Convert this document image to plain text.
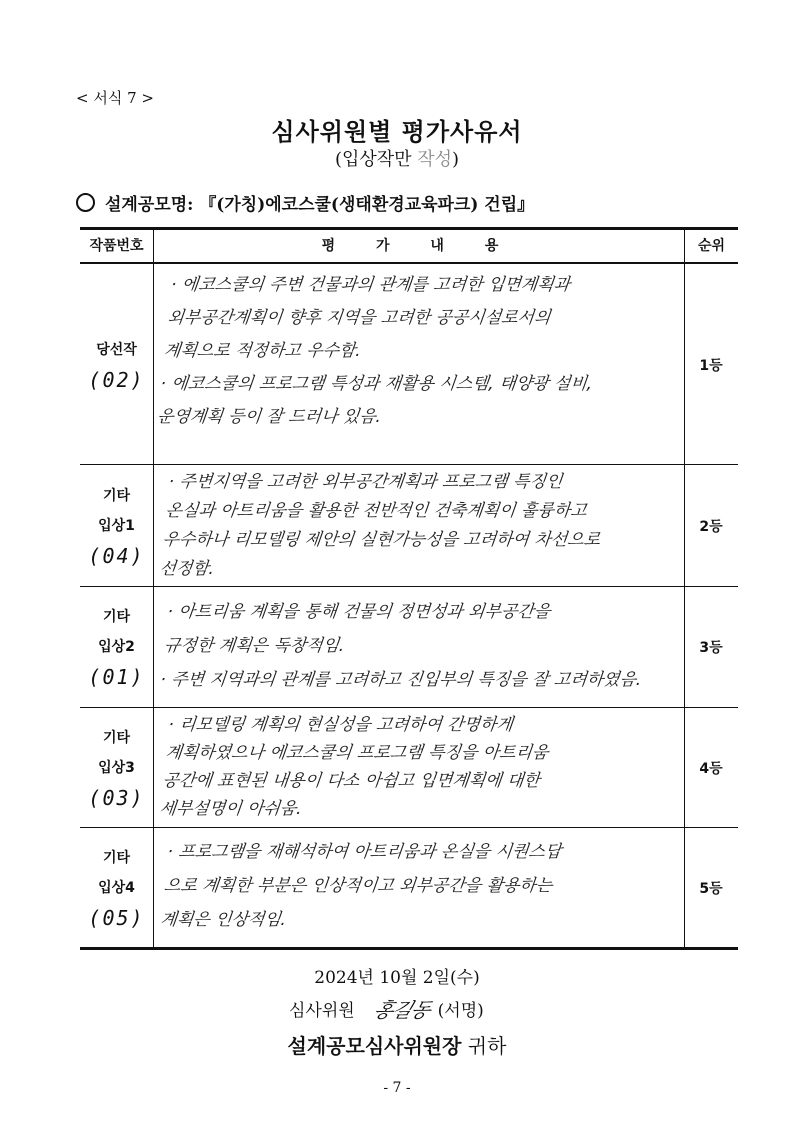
< 서식 7 >
심사위원별 평가사유서
(입상작만 작성)
설계공모명:
『(가칭)에코스쿨(생태환경교육파크) 건립』
작품번호	평 가 내 용	순위
당선작
(02)

· 에코스쿨의 주변 건물과의 관계를 고려한 입면계획과

외부공간계획이 향후 지역을 고려한 공공시설로서의

계획으로 적정하고 우수함.

· 에코스쿨의 프로그램 특성과 재활용 시스템, 태양광 설비,

운영계획 등이 잘 드러나 있음.

1등
기타
입상1
(04)

· 주변지역을 고려한 외부공간계획과 프로그램 특징인

온실과 아트리움을 활용한 전반적인 건축계획이 훌륭하고

우수하나 리모델링 제안의 실현가능성을 고려하여 차선으로

선정함.

2등
기타
입상2
(01)

· 아트리움 계획을 통해 건물의 정면성과 외부공간을

규정한 계획은 독창적임.

· 주변 지역과의 관계를 고려하고 진입부의 특징을 잘 고려하였음.

3등
기타
입상3
(03)

· 리모델링 계획의 현실성을 고려하여 간명하게

계획하였으나 에코스쿨의 프로그램 특징을 아트리움

공간에 표현된 내용이 다소 아쉽고 입면계획에 대한

세부설명이 아쉬움.

4등
기타
입상4
(05)

· 프로그램을 재해석하여 아트리움과 온실을 시퀀스답

으로 계획한 부분은 인상적이고 외부공간을 활용하는

계획은 인상적임.

5등
2024년 10월 2일(수)
심사위원 홍길동 (서명)
설계공모심사위원장 귀하
- 7 -
